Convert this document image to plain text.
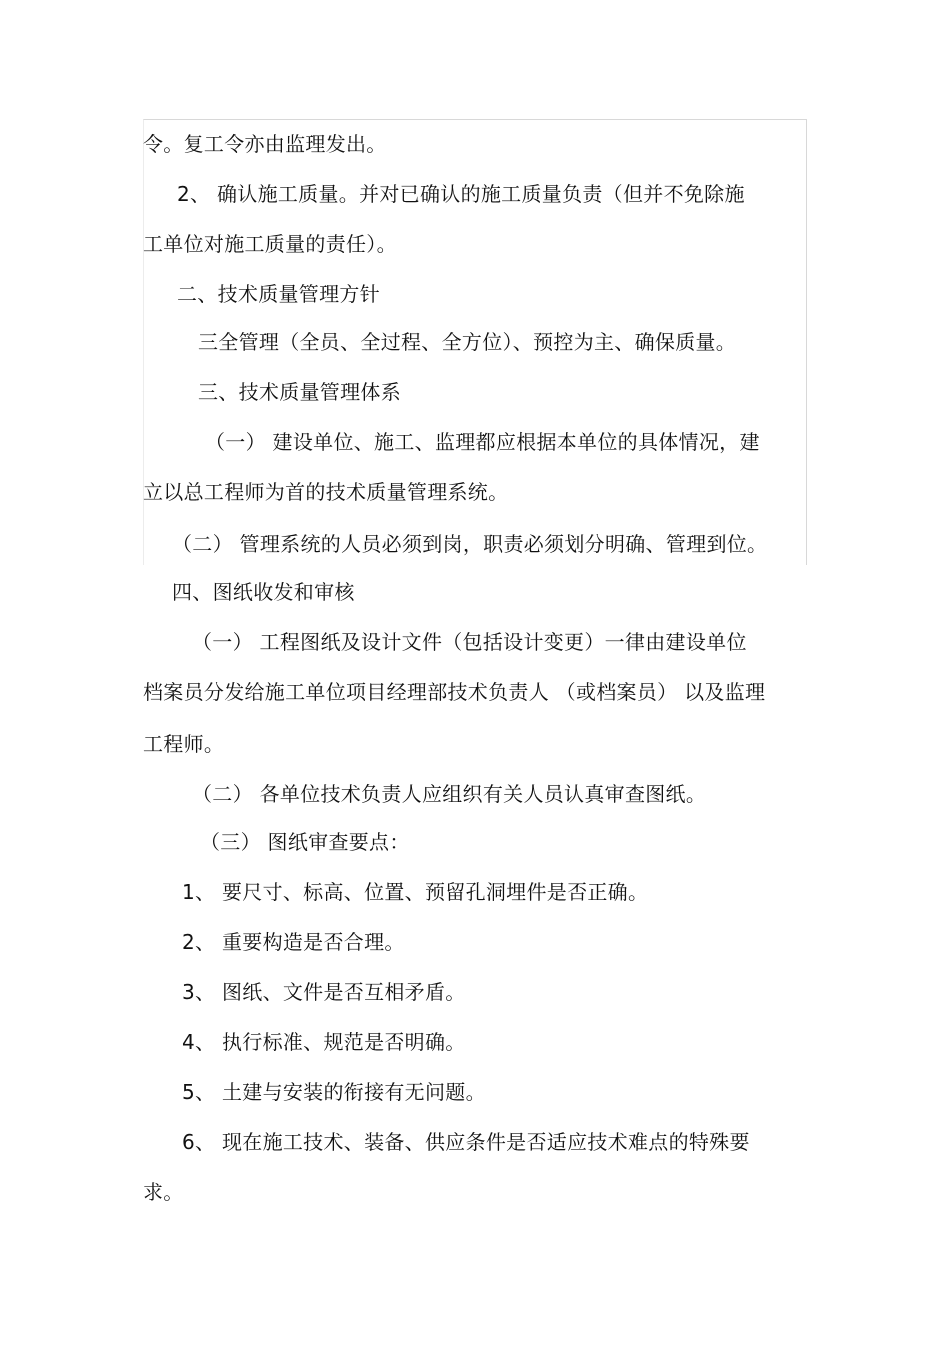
令。复工令亦由监理发出。
2、 确认施工质量。并对已确认的施工质量负责（但并不免除施
工单位对施工质量的责任）。
二、技术质量管理方针
三全管理（全员、全过程、全方位）、预控为主、确保质量。
三、技术质量管理体系
（一） 建设单位、施工、监理都应根据本单位的具体情况，建
立以总工程师为首的技术质量管理系统。
（二） 管理系统的人员必须到岗，职责必须划分明确、管理到位。
四、图纸收发和审核
（一） 工程图纸及设计文件（包括设计变更）一律由建设单位
档案员分发给施工单位项目经理部技术负责人 （或档案员） 以及监理
工程师。
（二） 各单位技术负责人应组织有关人员认真审查图纸。
（三） 图纸审查要点：
1、 要尺寸、标高、位置、预留孔洞埋件是否正确。
2、 重要构造是否合理。
3、 图纸、文件是否互相矛盾。
4、 执行标准、规范是否明确。
5、 土建与安装的衔接有无问题。
6、 现在施工技术、装备、供应条件是否适应技术难点的特殊要
求。
